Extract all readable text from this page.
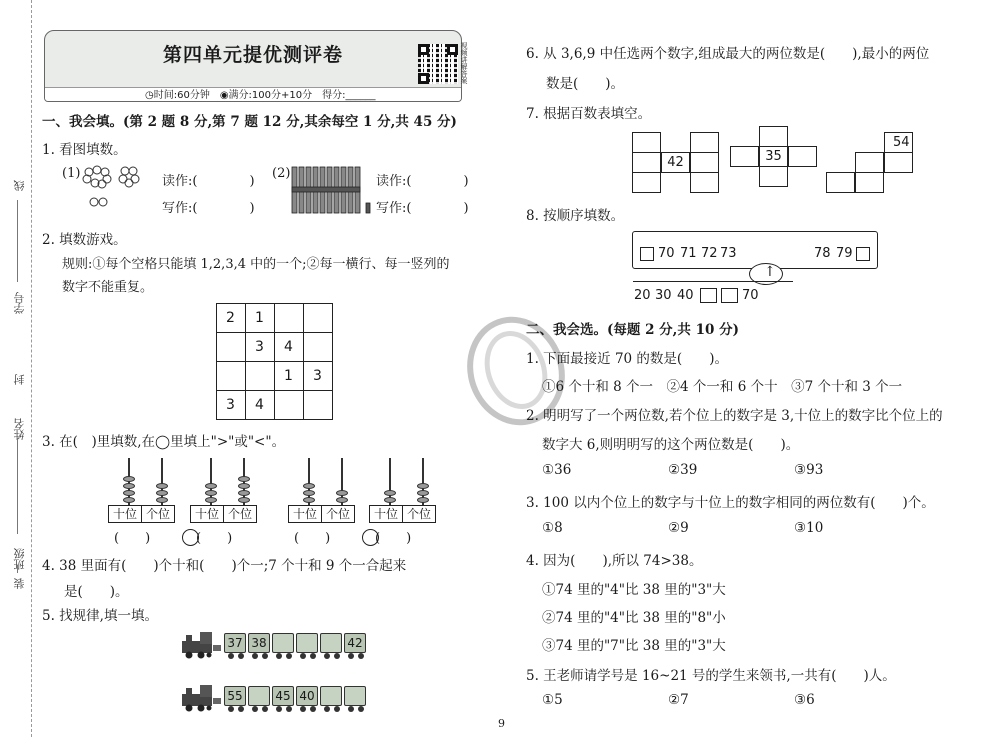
线
学号
封
姓名
班级
装
第四单元提优测评卷
◷时间:60分钟　◉满分:100分+10分　得分:______
视频讲解答案
一、我会填。(第 2 题 8 分,第 7 题 12 分,其余每空 1 分,共 45 分)
1. 看图填数。
(1)
读作:(　　　　)
写作:(　　　　)
(2)
读作:(　　　　)
写作:(　　　　)
2. 填数游戏。
规则:①每个空格只能填 1,2,3,4 中的一个;②每一横行、每一竖列的
数字不能重复。
2	1		
	3	4	
		1	3
3	4		
3. 在(　)里填数,在◯里填上">"或"<"。
十位 个位
(　　)
十位 个位
(　　)
十位 个位
(　　)
十位 个位
(　　)
4. 38 里面有(　　)个十和(　　)个一;7 个十和 9 个一合起来
是(　　)。
5. 找规律,填一填。
37 38	42
55	45 40
6. 从 3,6,9 中任选两个数字,组成最大的两位数是(　　),最小的两位
数是(　　)。
7. 根据百数表填空。
42	35
54
8. 按顺序填数。
70 71 72 73	78 79
↑
20 30 40	70
二、我会选。(每题 2 分,共 10 分)
1. 下面最接近 70 的数是(　　)。
①6 个十和 8 个一　②4 个一和 6 个十　③7 个十和 3 个一
2. 明明写了一个两位数,若个位上的数字是 3,十位上的数字比个位上的
数字大 6,则明明写的这个两位数是(　　)。
①36	②39	③93
3. 100 以内个位上的数字与十位上的数字相同的两位数有(　　)个。
①8	②9	③10
4. 因为(　　),所以 74>38。
①74 里的"4"比 38 里的"3"大
②74 里的"4"比 38 里的"8"小
③74 里的"7"比 38 里的"3"大
5. 王老师请学号是 16~21 号的学生来领书,一共有(　　)人。
①5	②7	③6
9
